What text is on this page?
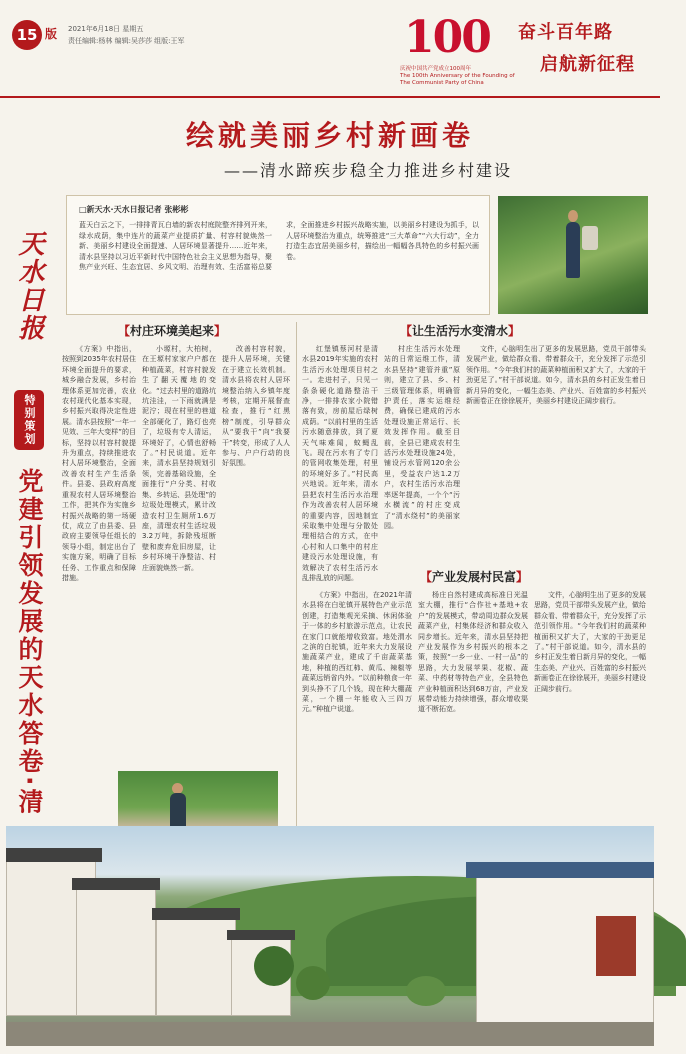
15 版 2021年6月18日 星期五
责任编辑:杨林 编辑:吴莎莎 组版:王军	100
庆祝中国共产党成立100周年
The 100th Anniversary of the Founding of The Communist Party of China
奋斗百年路
启航新征程
天水日报
特别策划
党建引领发展的天水答卷·清
绘就美丽乡村新画卷
——清水蹄疾步稳全力推进乡村建设
□新天水·天水日报记者 张彬彬
蓝天白云之下，一排排青瓦白墙的新农村庭院整齐排列开来，绿水成荫，集中连片的蔬菜产业提质扩量、村容村貌焕然一新、美丽乡村建设全面提速、人居环境显著提升……近年来，清水县坚持以习近平新时代中国特色社会主义思想为指导，聚焦产业兴旺、生态宜居、乡风文明、治理有效、生活富裕总要求，全面推进乡村振兴战略实施，以美丽乡村建设为抓手，以人居环境整治为重点，统筹推进“三大革命”“六大行动”，全力打造生态宜居美丽乡村，描绘出一幅幅各具特色的乡村振兴画卷。
【 村庄环境美起来 】
【	让生活污水变清水 】
【 产业发展村民富 】

《方案》中指出，按照到2035年农村居住环境全面提升的要求，城乡融合发展，乡村治理体系更加完善，农业农村现代化基本实现，乡村振兴取得决定性进展。清水县按照“一年一见效、三年大变样”的目标，坚持以村容村貌提升为重点，持续推进农村人居环境整治，全面改善农村生产生活条件。县委、县政府高度重视农村人居环境整治工作，把其作为实施乡村振兴战略的第一场硬仗，成立了由县委、县政府主要领导任组长的领导小组，制定出台了实施方案，明确了目标任务、工作重点和保障措施。

小塬村，大柏树，在王塬村家家户户都在种植蔬菜，村容村貌发生了翻天覆地的变化。“过去村里的道路坑坑洼洼，一下雨就满是泥泞；现在村里的巷道全部硬化了，路灯也亮了，垃圾有专人清运，环境好了，心情也舒畅了。”村民说道。近年来，清水县坚持规划引领，完善基础设施，全面推行“户分类、村收集、乡转运、县处理”的垃圾处理模式，累计改造农村卫生厕所1.6万座，清理农村生活垃圾3.2万吨，拆除残垣断壁和废弃危旧房屋，让乡村环境干净整洁、村庄面貌焕然一新。

改善村容村貌，提升人居环境，关键在于建立长效机制。清水县将农村人居环境整治纳入乡镇年度考核，定期开展督查检查，推行“红黑榜”制度，引导群众从“要我干”向“我要干”转变，形成了人人参与、户户行动的良好氛围。

红堡镇蔡河村是清水县2019年实施的农村生活污水处理项目村之一。走进村子，只见一条条硬化道路整洁干净，一排排农家小院错落有致，房前屋后绿树成荫。“以前村里的生活污水随意排放，到了夏天气味难闻，蚊蝇乱飞。现在污水有了专门的管网收集处理，村里的环境好多了。”村民高兴地说。近年来，清水县把农村生活污水治理作为改善农村人居环境的重要内容，因地制宜采取集中处理与分散处理相结合的方式，在中心村和人口集中的村庄建设污水处理设施，有效解决了农村生活污水乱排乱放的问题。

村庄生活污水处理站的日常运维工作，清水县坚持“建管并重”原则，建立了县、乡、村三级管理体系，明确管护责任，落实运维经费，确保已建成的污水处理设施正常运行、长效发挥作用。截至目前，全县已建成农村生活污水处理设施24处，铺设污水管网120余公里，受益农户达1.2万户，农村生活污水治理率逐年提高，一个个“污水横流”的村庄变成了“清水绕村”的美丽家园。

文件，心脑明生出了更多的发展思路，党员干部带头发展产业，做给群众看、带着群众干，充分发挥了示范引领作用。“今年我们村的蔬菜种植面积又扩大了，大家的干劲更足了。”村干部说道。如今，清水县的乡村正发生着日新月异的变化，一幅生态美、产业兴、百姓富的乡村振兴新画卷正在徐徐展开，美丽乡村建设正阔步前行。

《方案》中指出，在2021年清水县将在白驼镇开展特色产业示范创建，打造集观光采摘、休闲体验于一体的乡村旅游示范点，让农民在家门口就能增收致富。地处渭水之滨的白驼镇，近年来大力发展设施蔬菜产业，建成了千亩蔬菜基地，种植的西红柿、黄瓜、辣椒等蔬菜远销省内外。“以前种粮食一年到头挣不了几个钱，现在种大棚蔬菜，一个棚一年能收入三四万元。”种植户说道。

杨庄自然村建成高标准日光温室大棚，推行“合作社+基地+农户”的发展模式，带动周边群众发展蔬菜产业，村集体经济和群众收入同步增长。近年来，清水县坚持把产业发展作为乡村振兴的根本之策，按照“一乡一业、一村一品”的思路，大力发展苹果、花椒、蔬菜、中药材等特色产业，全县特色产业种植面积达到68万亩，产业发展带动能力持续增强，群众增收渠道不断拓宽。

文件，心脑明生出了更多的发展思路，党员干部带头发展产业，做给群众看、带着群众干，充分发挥了示范引领作用。“今年我们村的蔬菜种植面积又扩大了，大家的干劲更足了。”村干部说道。如今，清水县的乡村正发生着日新月异的变化，一幅生态美、产业兴、百姓富的乡村振兴新画卷正在徐徐展开，美丽乡村建设正阔步前行。
